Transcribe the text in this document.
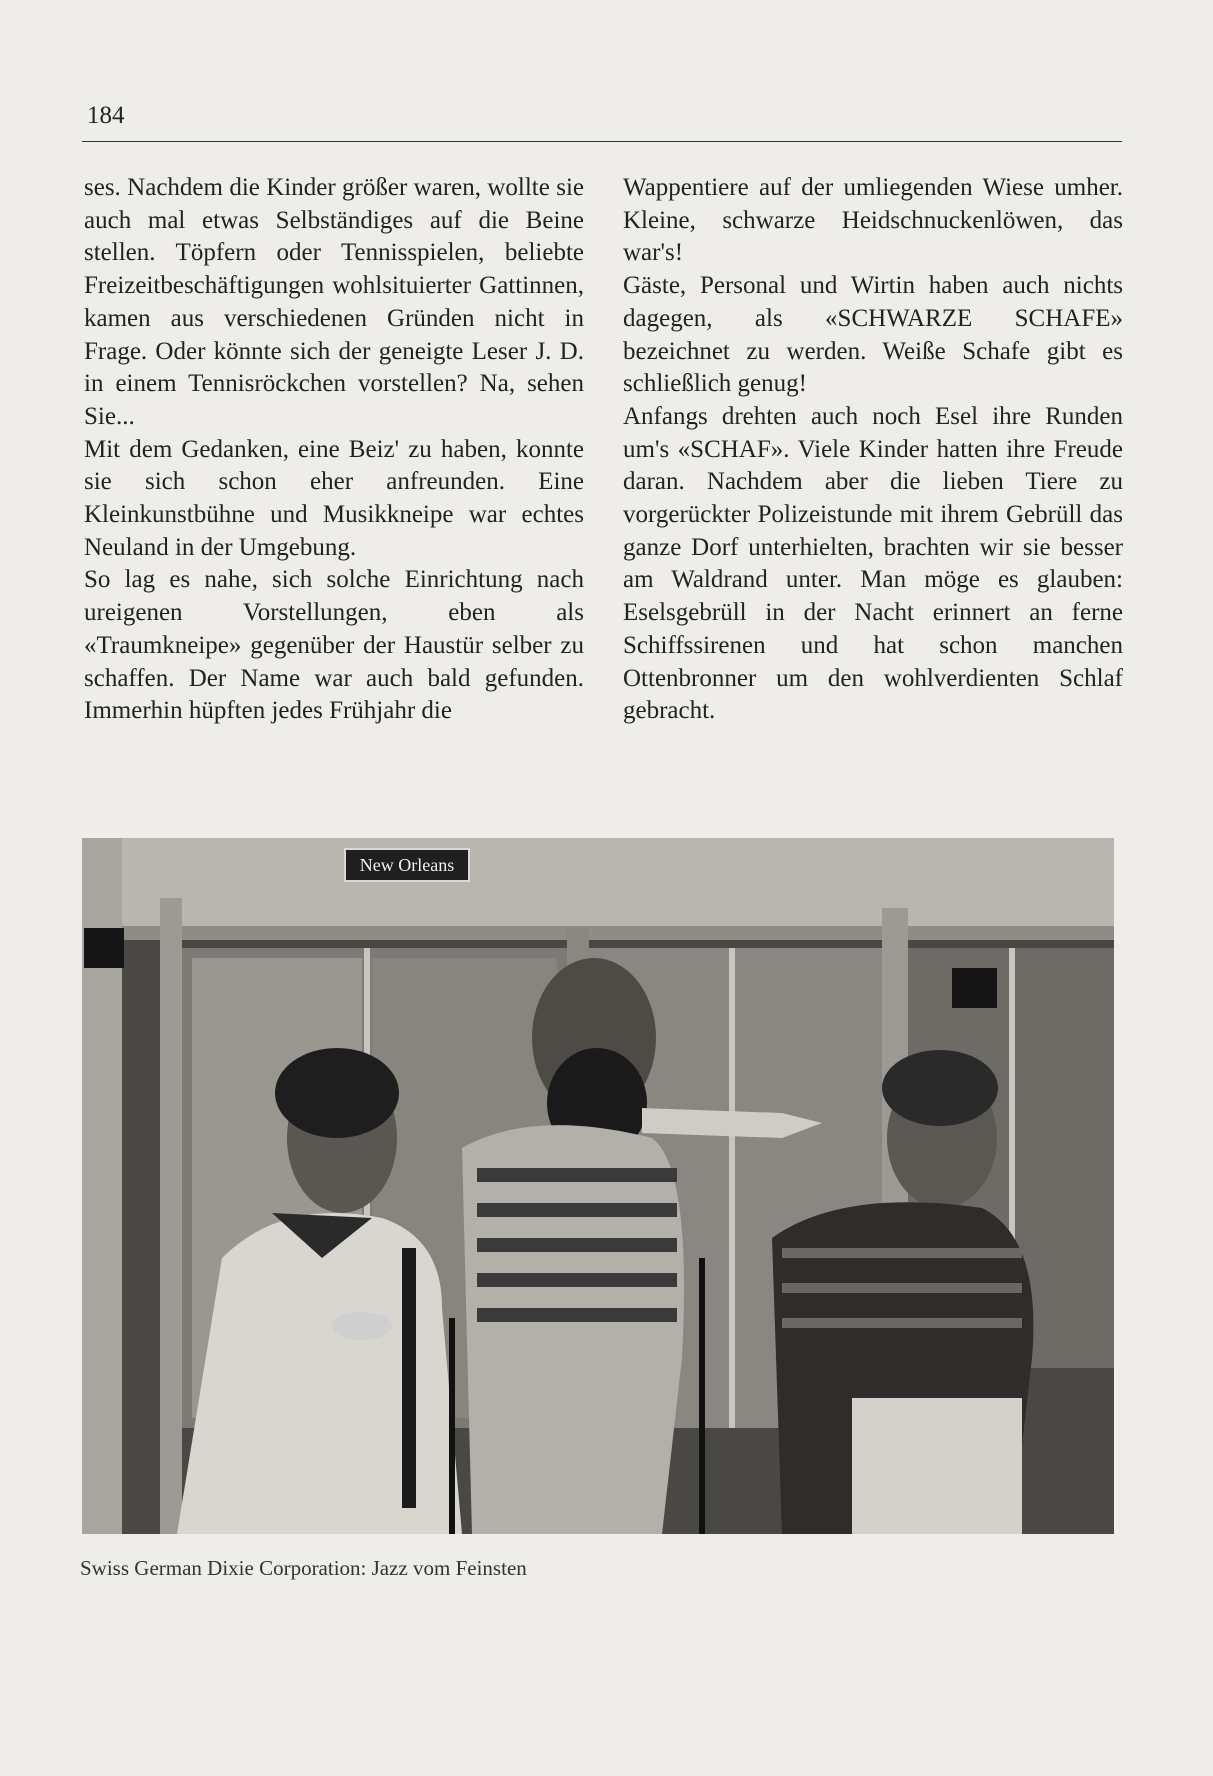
184

ses. Nachdem die Kinder größer waren, wollte sie auch mal etwas Selbständiges auf die Beine stellen. Töpfern oder Tennisspielen, beliebte Freizeitbeschäftigungen wohlsituierter Gattinnen, kamen aus verschiedenen Gründen nicht in Frage. Oder könnte sich der geneigte Leser J. D. in einem Tennisröckchen vorstellen? Na, sehen Sie...

Mit dem Gedanken, eine Beiz' zu haben, konnte sie sich schon eher anfreunden. Eine Kleinkunstbühne und Musikkneipe war echtes Neuland in der Umgebung.

So lag es nahe, sich solche Einrichtung nach ureigenen Vorstellungen, eben als «Traumkneipe» gegenüber der Haustür selber zu schaffen. Der Name war auch bald gefunden. Immerhin hüpften jedes Frühjahr die

Wappentiere auf der umliegenden Wiese umher. Kleine, schwarze Heidschnuckenlöwen, das war's!

Gäste, Personal und Wirtin haben auch nichts dagegen, als «SCHWARZE SCHAFE» bezeichnet zu werden. Weiße Schafe gibt es schließlich genug!

Anfangs drehten auch noch Esel ihre Runden um's «SCHAF». Viele Kinder hatten ihre Freude daran. Nachdem aber die lieben Tiere zu vorgerückter Polizeistunde mit ihrem Gebrüll das ganze Dorf unterhielten, brachten wir sie besser am Waldrand unter. Man möge es glauben: Eselsgebrüll in der Nacht erinnert an ferne Schiffssirenen und hat schon manchen Ottenbronner um den wohlverdienten Schlaf gebracht.

New Orleans
Swiss German Dixie Corporation: Jazz vom Feinsten
